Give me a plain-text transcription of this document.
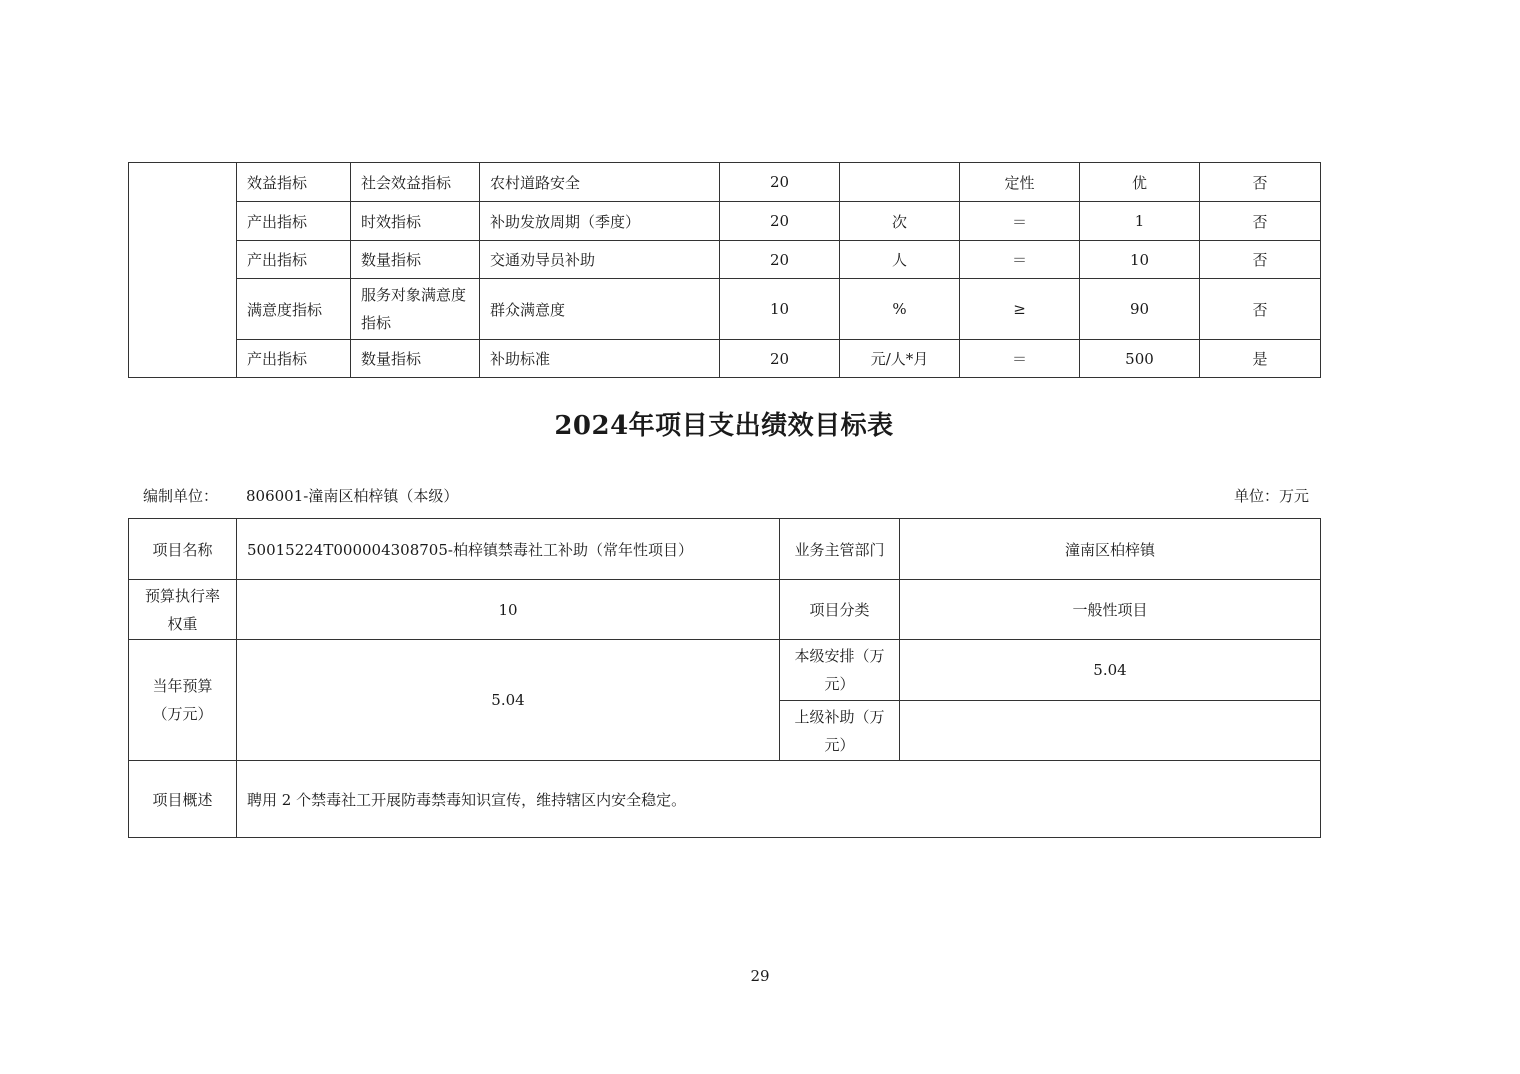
	效益指标	社会效益指标	农村道路安全	20		定性	优	否
	产出指标	时效指标	补助发放周期（季度）	20	次	＝	1	否
	产出指标	数量指标	交通劝导员补助	20	人	＝	10	否
	满意度指标	服务对象满意度指标	群众满意度	10	%	≥	90	否
	产出指标	数量指标	补助标准	20	元/人*月	＝	500	是
2024年项目支出绩效目标表
编制单位： 806001-潼南区柏梓镇（本级）	单位：万元
项目名称	50015224T000004308705-柏梓镇禁毒社工补助（常年性项目）	业务主管部门	潼南区柏梓镇
预算执行率权重	10	项目分类	一般性项目
当年预算（万元）	5.04	本级安排（万元）	5.04
		上级补助（万元）	
项目概述	聘用 2 个禁毒社工开展防毒禁毒知识宣传，维持辖区内安全稳定。		
29
